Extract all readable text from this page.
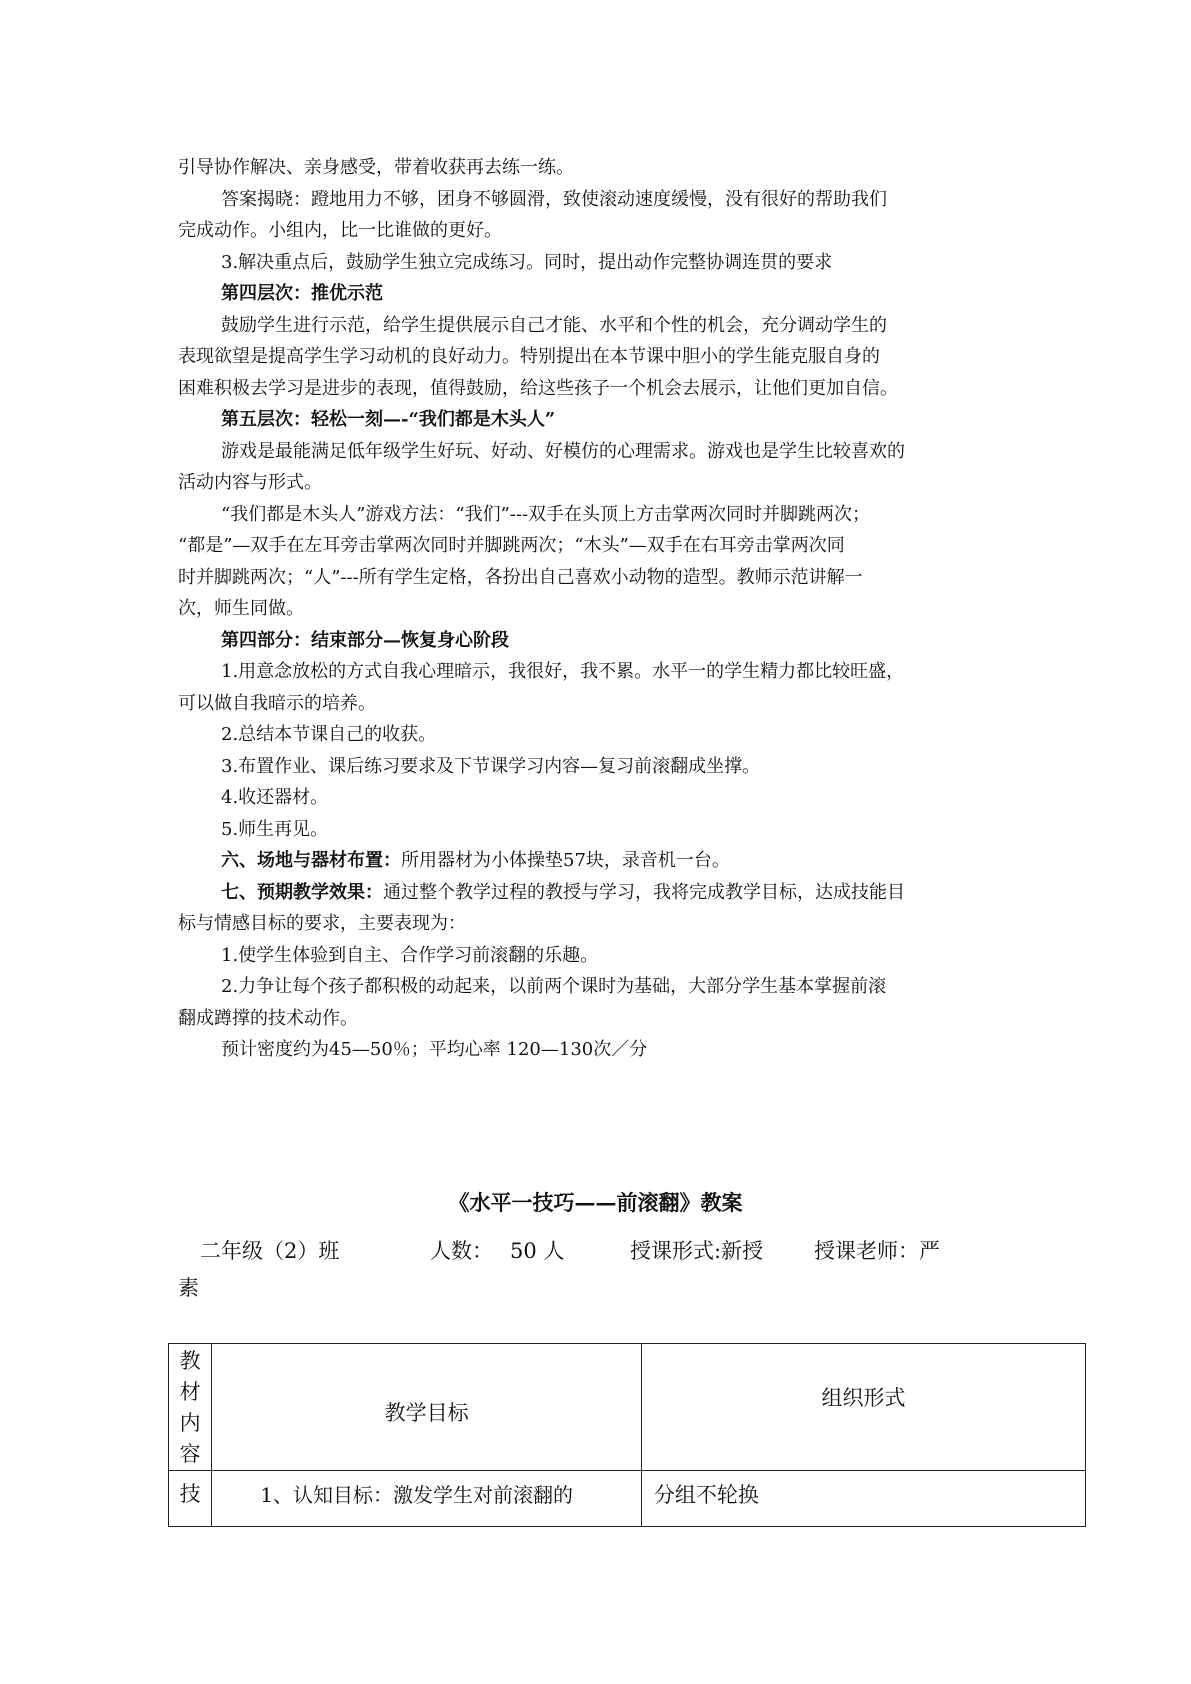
引导协作解决、亲身感受，带着收获再去练一练。

答案揭晓：蹬地用力不够，团身不够圆滑，致使滚动速度缓慢，没有很好的帮助我们

完成动作。小组内，比一比谁做的更好。

3.解决重点后，鼓励学生独立完成练习。同时，提出动作完整协调连贯的要求

第四层次：推优示范

鼓励学生进行示范，给学生提供展示自己才能、水平和个性的机会，充分调动学生的

表现欲望是提高学生学习动机的良好动力。特别提出在本节课中胆小的学生能克服自身的

困难积极去学习是进步的表现，值得鼓励，给这些孩子一个机会去展示，让他们更加自信。

第五层次：轻松一刻—-“我们都是木头人”

游戏是最能满足低年级学生好玩、好动、好模仿的心理需求。游戏也是学生比较喜欢的

活动内容与形式。

“我们都是木头人”游戏方法：“我们”---双手在头顶上方击掌两次同时并脚跳两次；

“都是”—双手在左耳旁击掌两次同时并脚跳两次；“木头”—双手在右耳旁击掌两次同

时并脚跳两次；“人”---所有学生定格，各扮出自己喜欢小动物的造型。教师示范讲解一

次，师生同做。

第四部分：结束部分—恢复身心阶段

1.用意念放松的方式自我心理暗示，我很好，我不累。水平一的学生精力都比较旺盛，

可以做自我暗示的培养。

2.总结本节课自己的收获。

3.布置作业、课后练习要求及下节课学习内容—复习前滚翻成坐撑。

4.收还器材。

5.师生再见。

六、场地与器材布置：所用器材为小体操垫57块，录音机一台。

七、预期教学效果：通过整个教学过程的教授与学习，我将完成教学目标，达成技能目

标与情感目标的要求，主要表现为：

1.使学生体验到自主、合作学习前滚翻的乐趣。

2.力争让每个孩子都积极的动起来，以前两个课时为基础，大部分学生基本掌握前滚

翻成蹲撑的技术动作。

预计密度约为45—50％；平均心率 120—130次／分

《水平一技巧——前滚翻》教案
二年级（2）班	人数： 50 人	授课形式:新授 授课老师：严
素
教
材
内
容	教学目标	组织形式
技	1、认知目标：激发学生对前滚翻的	分组不轮换
